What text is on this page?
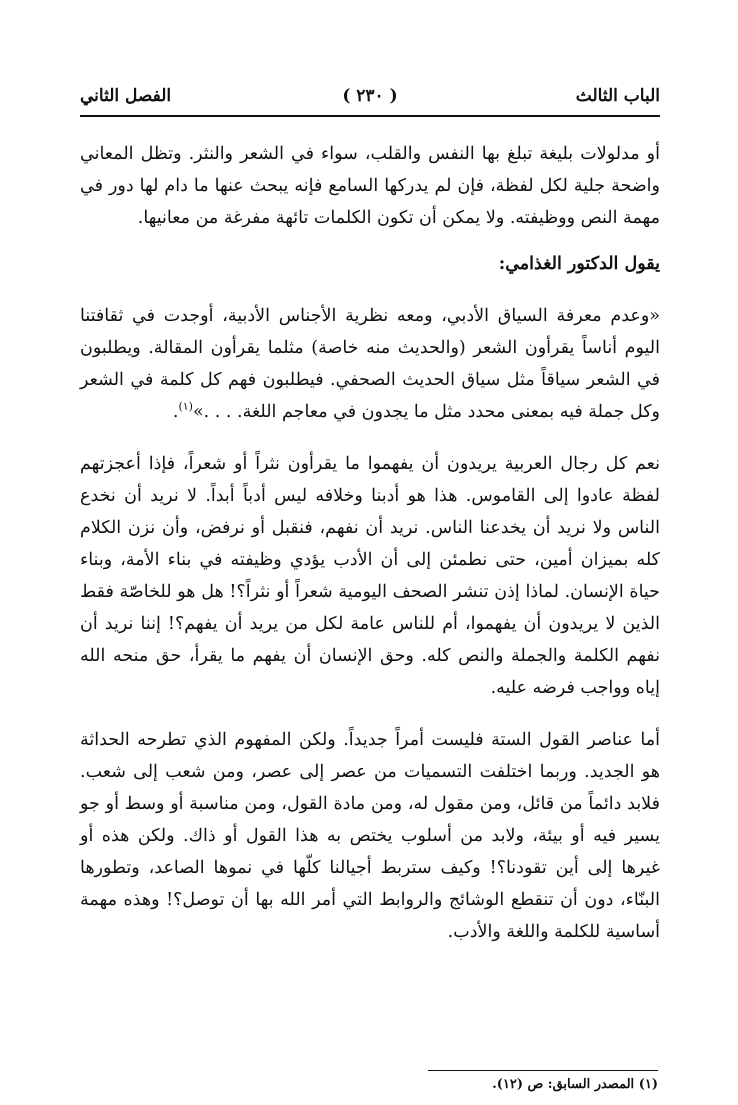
الباب الثالث
( ٢٣٠ )
الفصل الثاني

أو مدلولات بليغة تبلغ بها النفس والقلب، سواء في الشعر والنثر. وتظل المعاني واضحة جلية لكل لفظة، فإن لم يدركها السامع فإنه يبحث عنها ما دام لها دور في مهمة النص ووظيفته. ولا يمكن أن تكون الكلمات تائهة مفرغة من معانيها.

يقول الدكتور الغذامي:

«وعدم معرفة السياق الأدبي، ومعه نظرية الأجناس الأدبية، أوجدت في ثقافتنا اليوم أناساً يقرأون الشعر (والحديث منه خاصة) مثلما يقرأون المقالة. ويطلبون في الشعر سياقاً مثل سياق الحديث الصحفي. فيطلبون فهم كل كلمة في الشعر وكل جملة فيه بمعنى محدد مثل ما يجدون في معاجم اللغة. . . .»$^{(١)}$.

نعم كل رجال العربية يريدون أن يفهموا ما يقرأون نثراً أو شعراً، فإذا أعجزتهم لفظة عادوا إلى القاموس. هذا هو أدبنا وخلافه ليس أدباً أبداً. لا نريد أن نخدع الناس ولا نريد أن يخدعنا الناس. نريد أن نفهم، فنقبل أو نرفض، وأن نزن الكلام كله بميزان أمين، حتى نطمئن إلى أن الأدب يؤدي وظيفته في بناء الأمة، وبناء حياة الإنسان. لماذا إذن تنشر الصحف اليومية شعراً أو نثراً؟! هل هو للخاصّة فقط الذين لا يريدون أن يفهموا، أم للناس عامة لكل من يريد أن يفهم؟! إننا نريد أن نفهم الكلمة والجملة والنص كله. وحق الإنسان أن يفهم ما يقرأ، حق منحه الله إياه وواجب فرضه عليه.

أما عناصر القول الستة فليست أمراً جديداً. ولكن المفهوم الذي تطرحه الحداثة هو الجديد. وربما اختلفت التسميات من عصر إلى عصر، ومن شعب إلى شعب. فلابد دائماً من قائل، ومن مقول له، ومن مادة القول، ومن مناسبة أو وسط أو جو يسير فيه أو بيئة، ولابد من أسلوب يختص به هذا القول أو ذاك. ولكن هذه أو غيرها إلى أين تقودنا؟! وكيف ستربط أجيالنا كلّها في نموها الصاعد، وتطورها البنّاء، دون أن تنقطع الوشائج والروابط التي أمر الله بها أن توصل؟! وهذه مهمة أساسية للكلمة واللغة والأدب.

(١) المصدر السابق: ص (١٢).
